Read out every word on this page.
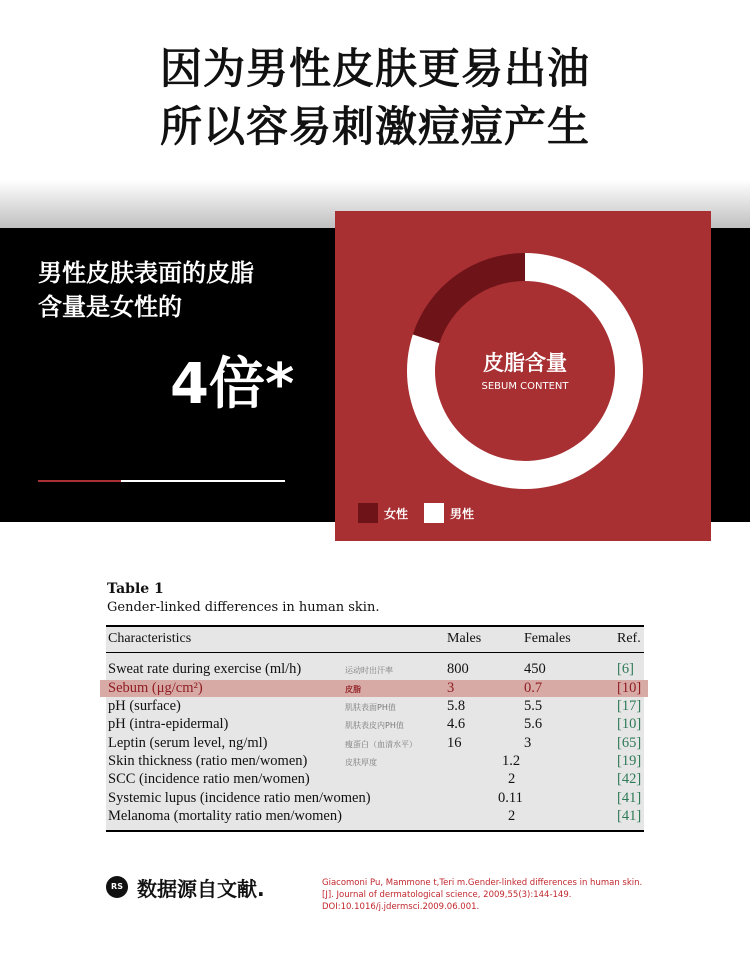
因为男性皮肤更易出油
所以容易刺激痘痘产生
男性皮肤表面的皮脂
含量是女性的
4倍*	皮脂含量
SEBUM CONTENT
女性	男性
Table 1
Gender-linked differences in human skin.
Characteristics	Males	Females	Ref.
Sweat rate during exercise (ml/h)	运动时出汗率	800	450	[6]
Sebum (μg/cm²)	皮脂	3	0.7	[10]
pH (surface)	肌肤表面PH值	5.8	5.5	[17]
pH (intra-epidermal)	肌肤表皮内PH值	4.6	5.6	[10]
Leptin (serum level, ng/ml)	瘦蛋白（血清水平） 16	3	[65]
Skin thickness (ratio men/women)	皮肤厚度	1.2	[19]
SCC (incidence ratio men/women)	2	[42]
Systemic lupus (incidence ratio men/women)	0.11	[41]
Melanoma (mortality ratio men/women)	2	[41]
RS 数据源自文献.	Giacomoni Pu, Mammone t,Teri m.Gender-linked differences in human skin.
[J]. Journal of dermatological science, 2009,55(3):144-149.
DOI:10.1016/j.jdermsci.2009.06.001.
